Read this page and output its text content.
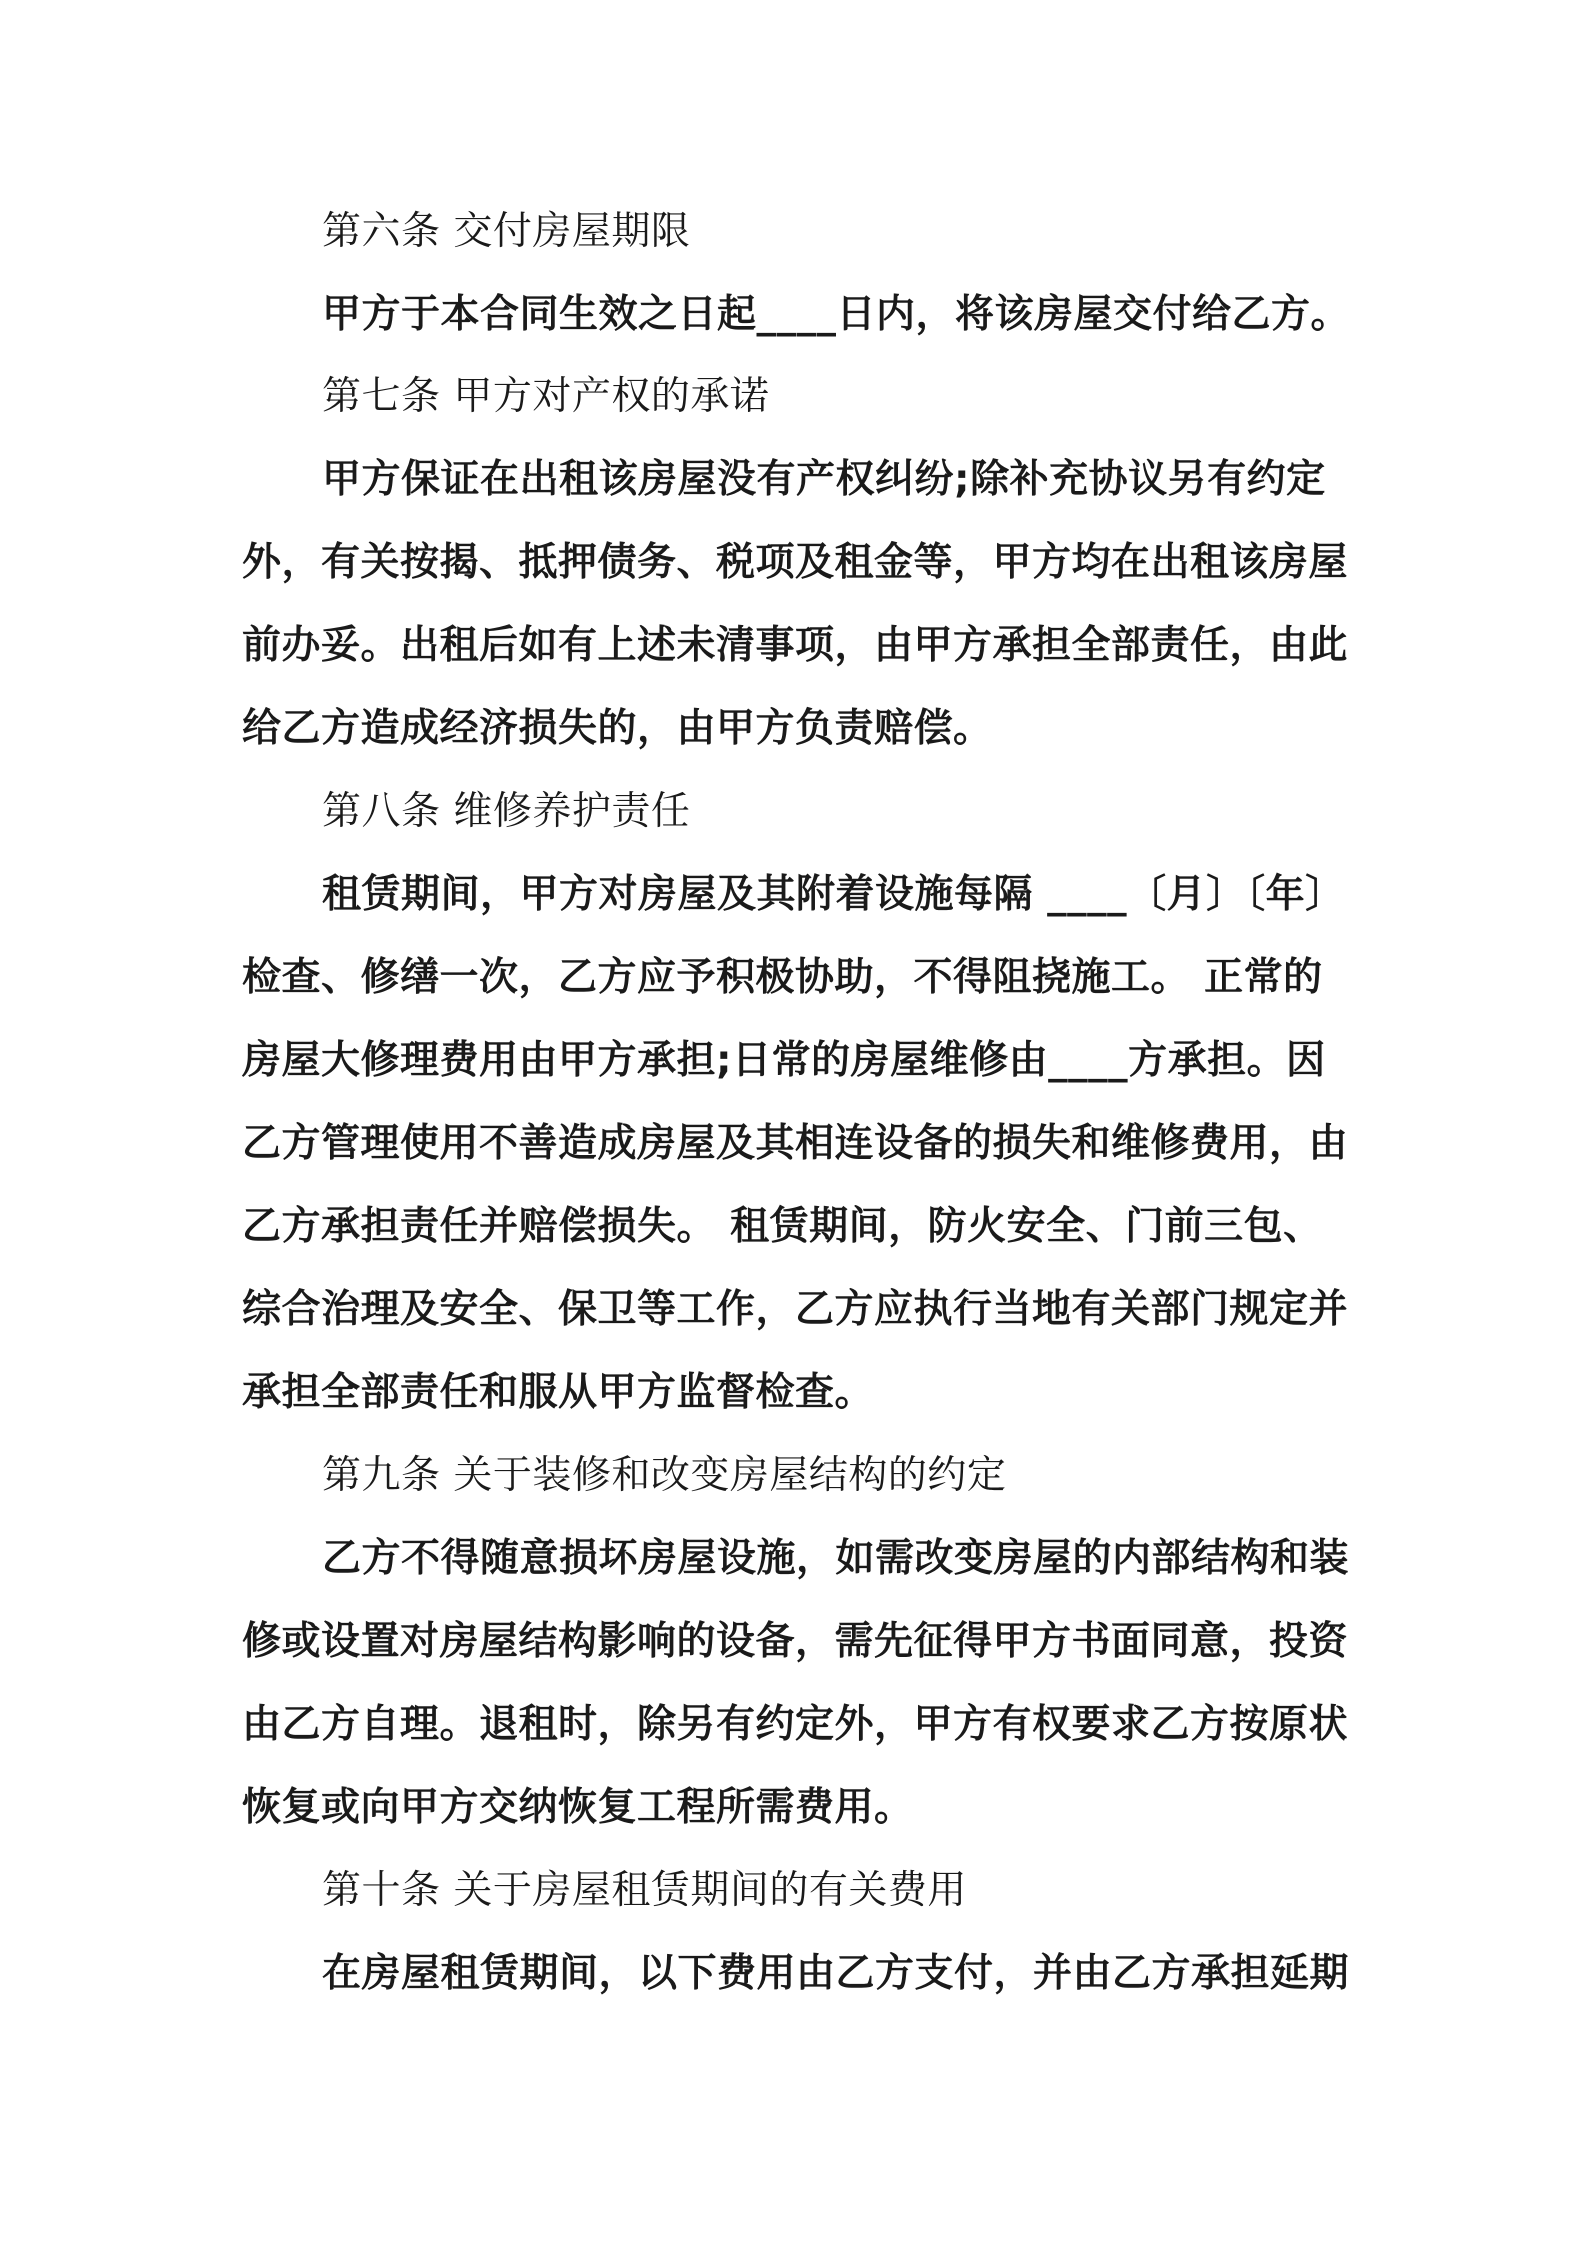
第六条 交付房屋期限
甲方于本合同生效之日起____日内，将该房屋交付给乙方。
第七条 甲方对产权的承诺
甲方保证在出租该房屋没有产权纠纷;除补充协议另有约定
外，有关按揭、抵押债务、税项及租金等，甲方均在出租该房屋
前办妥。出租后如有上述未清事项，由甲方承担全部责任，由此
给乙方造成经济损失的，由甲方负责赔偿。
第八条 维修养护责任
租赁期间，甲方对房屋及其附着设施每隔 ____〔月〕〔年〕
检查、修缮一次，乙方应予积极协助，不得阻挠施工。 正常的
房屋大修理费用由甲方承担;日常的房屋维修由____方承担。因
乙方管理使用不善造成房屋及其相连设备的损失和维修费用，由
乙方承担责任并赔偿损失。 租赁期间，防火安全、门前三包、
综合治理及安全、保卫等工作，乙方应执行当地有关部门规定并
承担全部责任和服从甲方监督检查。
第九条 关于装修和改变房屋结构的约定
乙方不得随意损坏房屋设施，如需改变房屋的内部结构和装
修或设置对房屋结构影响的设备，需先征得甲方书面同意，投资
由乙方自理。退租时，除另有约定外，甲方有权要求乙方按原状
恢复或向甲方交纳恢复工程所需费用。
第十条 关于房屋租赁期间的有关费用
在房屋租赁期间，以下费用由乙方支付，并由乙方承担延期
